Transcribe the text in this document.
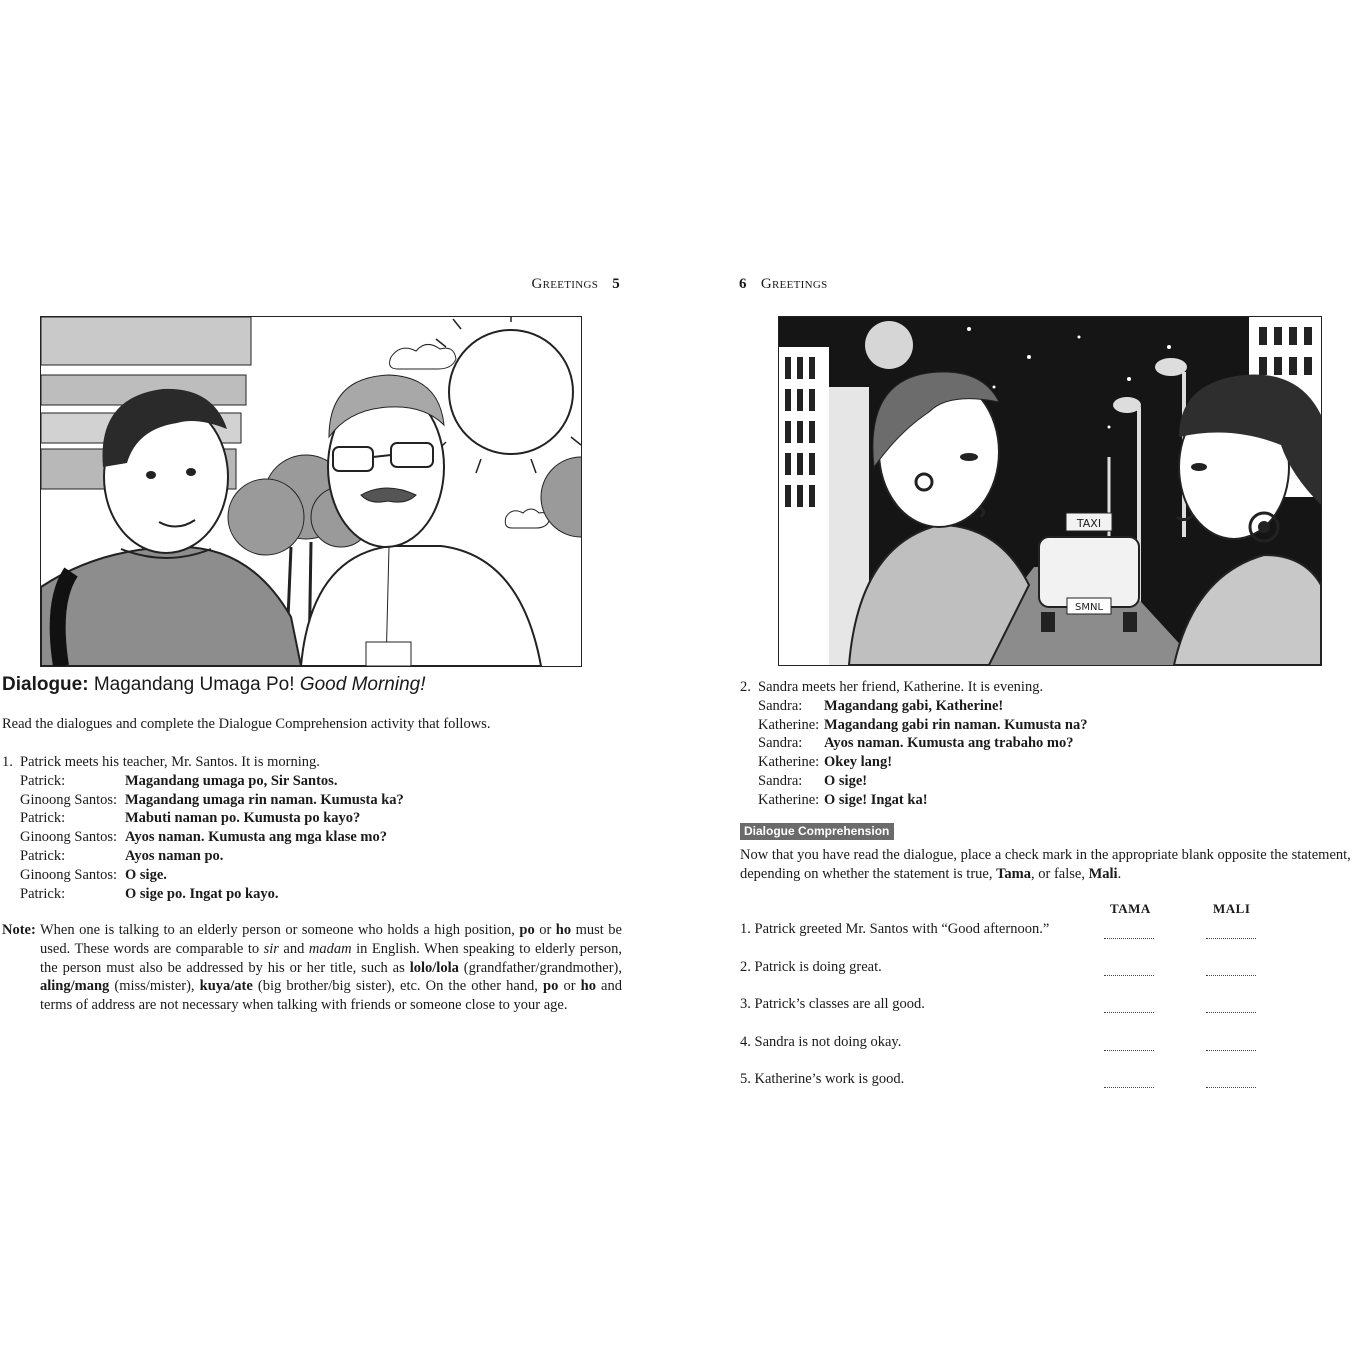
Greetings 5
Dialogue: Magandang Umaga Po! Good Morning!
Read the dialogues and complete the Dialogue Comprehension activity that follows.
1. Patrick meets his teacher, Mr. Santos. It is morning.
Patrick:	Magandang umaga po, Sir Santos.
Ginoong Santos: Magandang umaga rin naman. Kumusta ka?
Patrick:	Mabuti naman po. Kumusta po kayo?
Ginoong Santos: Ayos naman. Kumusta ang mga klase mo?
Patrick:	Ayos naman po.
Ginoong Santos: O sige.
Patrick:	O sige po. Ingat po kayo.
Note: When one is talking to an elderly person or someone who holds a high position, po or ho must be used. These words are comparable to sir and madam in English. When speaking to elderly person, the person must also be addressed by his or her title, such as lolo/lola (grandfather/grandmother), aling/mang (miss/mister), kuya/ate (big brother/big sister), etc. On the other hand, po or ho and terms of address are not necessary when talking with friends or someone close to your age.
6 Greetings
TAXI
SMNL
2. Sandra meets her friend, Katherine. It is evening.
Sandra:	Magandang gabi, Katherine!
Katherine: Magandang gabi rin naman. Kumusta na?
Sandra:	Ayos naman. Kumusta ang trabaho mo?
Katherine: Okey lang!
Sandra:	O sige!
Katherine: O sige! Ingat ka!
Dialogue Comprehension
Now that you have read the dialogue, place a check mark in the appropriate blank opposite the statement, depending on whether the statement is true, Tama, or false, Mali.
TAMA	MALI
1. Patrick greeted Mr. Santos with “Good afternoon.”
2. Patrick is doing great.
3. Patrick’s classes are all good.
4. Sandra is not doing okay.
5. Katherine’s work is good.
